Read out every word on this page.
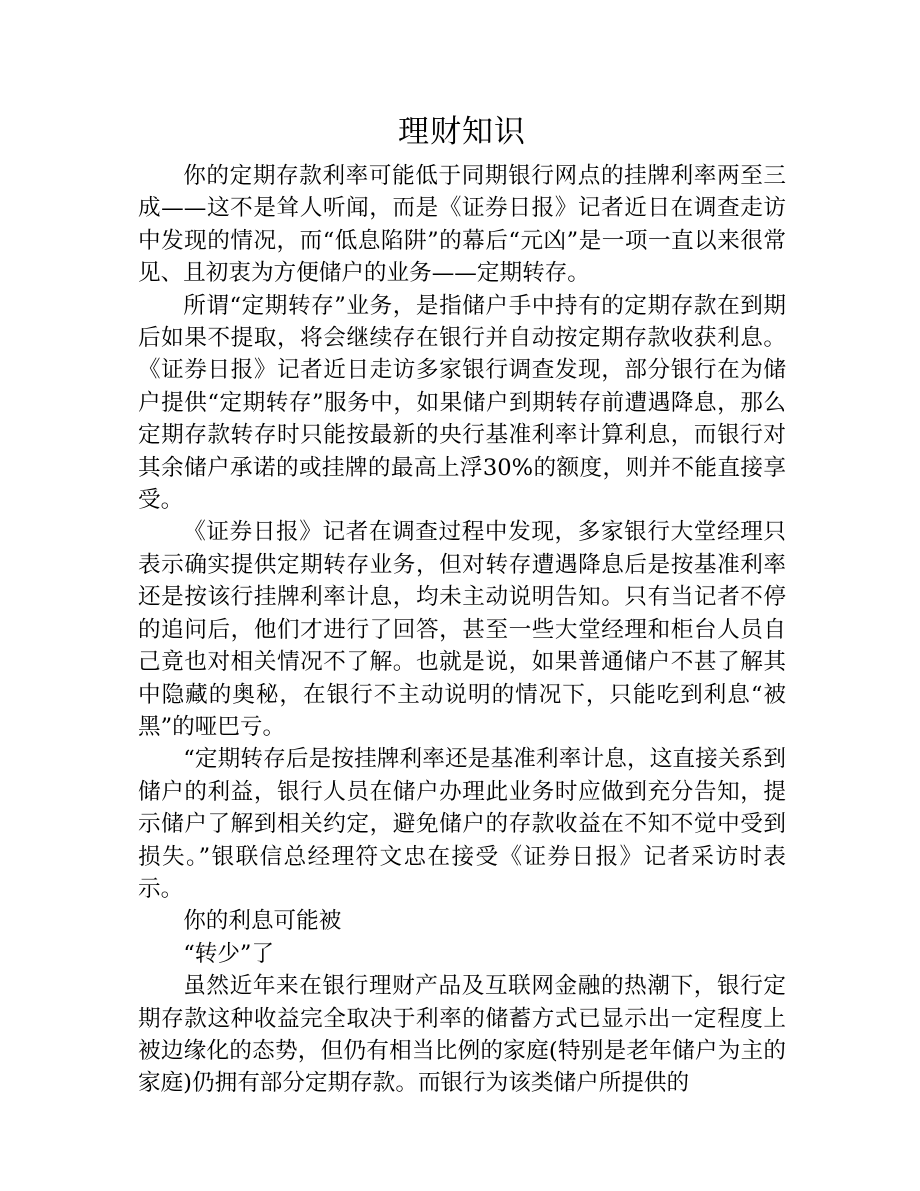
理财知识

你的定期存款利率可能低于同期银行网点的挂牌利率两至三成——这不是耸人听闻，而是《证券日报》记者近日在调查走访中发现的情况，而“低息陷阱”的幕后“元凶”是一项一直以来很常见、且初衷为方便储户的业务——定期转存。

所谓“定期转存”业务，是指储户手中持有的定期存款在到期后如果不提取，将会继续存在银行并自动按定期存款收获利息。《证券日报》记者近日走访多家银行调查发现，部分银行在为储户提供“定期转存”服务中，如果储户到期转存前遭遇降息，那么定期存款转存时只能按最新的央行基准利率计算利息，而银行对其余储户承诺的或挂牌的最高上浮30%的额度，则并不能直接享受。

《证券日报》记者在调查过程中发现，多家银行大堂经理只表示确实提供定期转存业务，但对转存遭遇降息后是按基准利率还是按该行挂牌利率计息，均未主动说明告知。只有当记者不停的追问后，他们才进行了回答，甚至一些大堂经理和柜台人员自己竟也对相关情况不了解。也就是说，如果普通储户不甚了解其中隐藏的奥秘，在银行不主动说明的情况下，只能吃到利息“被黑”的哑巴亏。

“定期转存后是按挂牌利率还是基准利率计息，这直接关系到储户的利益，银行人员在储户办理此业务时应做到充分告知，提示储户了解到相关约定，避免储户的存款收益在不知不觉中受到损失。”银联信总经理符文忠在接受《证券日报》记者采访时表示。

你的利息可能被

“转少”了

虽然近年来在银行理财产品及互联网金融的热潮下，银行定期存款这种收益完全取决于利率的储蓄方式已显示出一定程度上被边缘化的态势，但仍有相当比例的家庭(特别是老年储户为主的家庭)仍拥有部分定期存款。而银行为该类储户所提供的
